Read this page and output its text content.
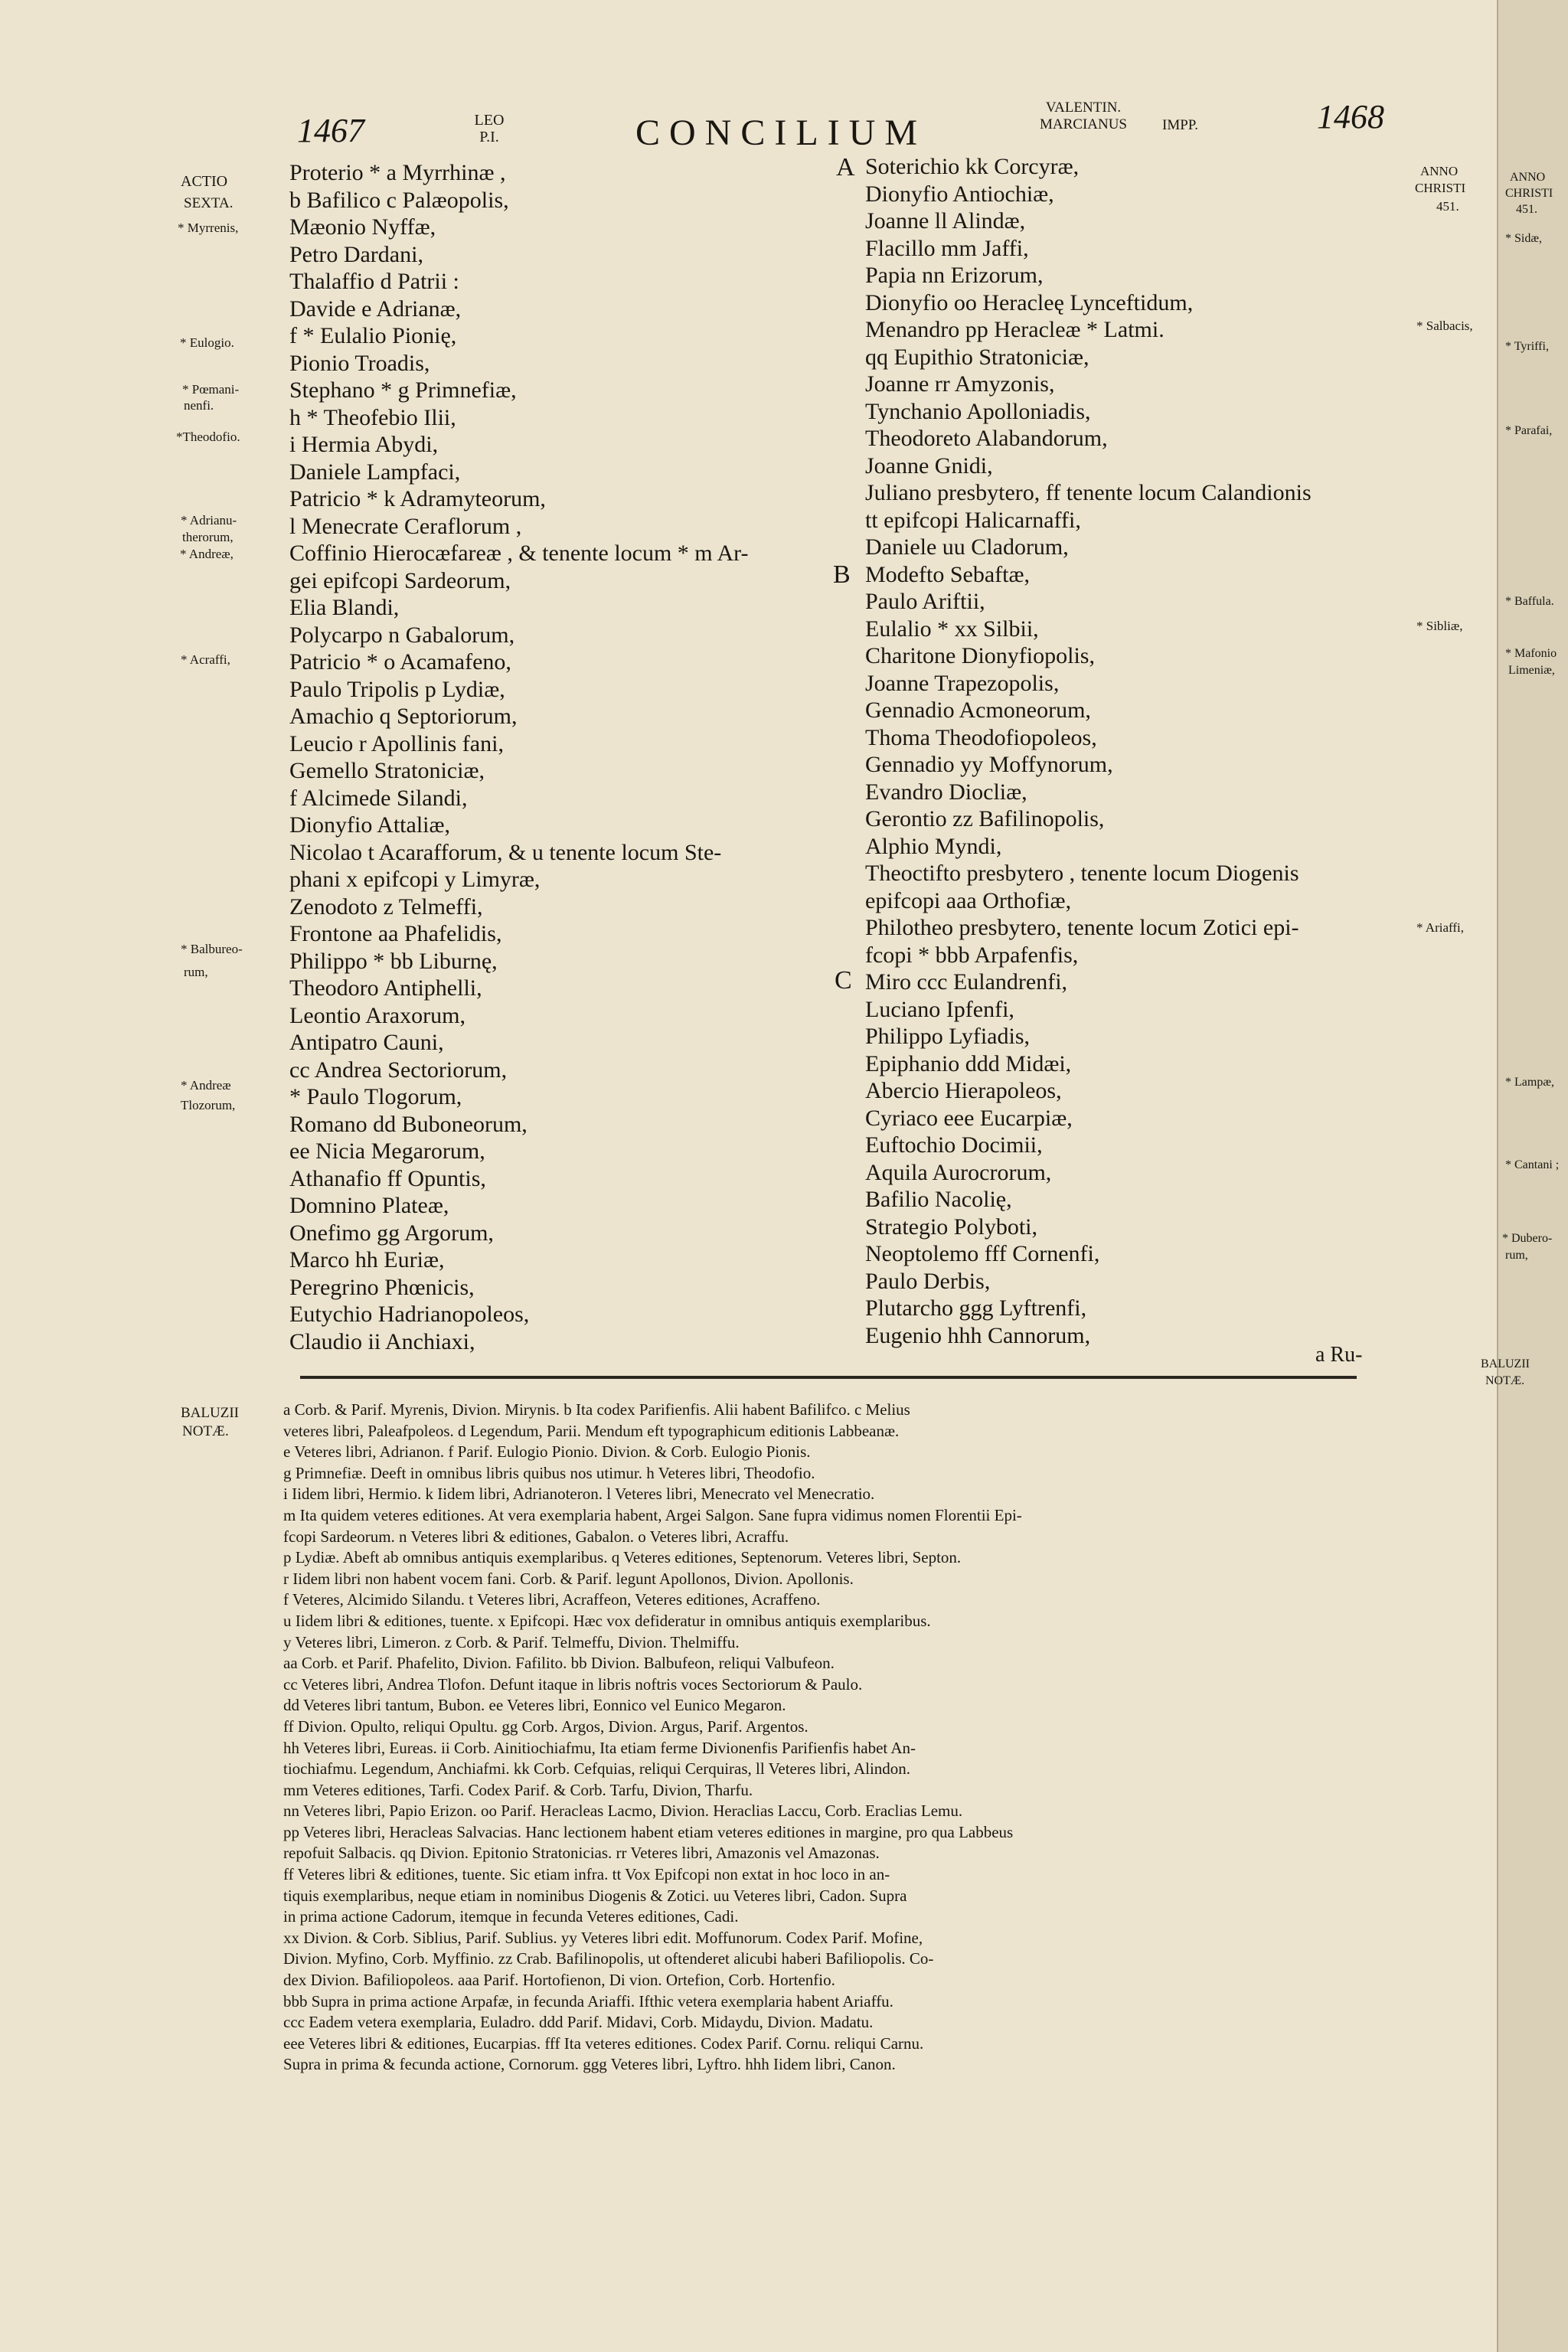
1467	LEO
P.I.	CONCILIUM
VALENTIN.
MARCIANUS	IMPP.	1468
ACTIO
SEXTA.
* Myrrenis,
* Eulogio.
* Pœmani-
nenfi.
*Theodofio.
* Adrianu-
therorum,
* Andreæ,
* Acraffi,
* Balbureo-
rum,
* Andreæ
Tlozorum,
ANNO
CHRISTI
451.
* Salbacis,
* Sibliæ,
* Ariaffi,
ANNO
CHRISTI
451.
* Sidæ,
* Tyriffi,
* Parafai,
* Baffula.
* Mafonio
Limeniæ,
* Lampæ,
* Cantani ;
* Dubero-
rum,
BALUZII
NOTÆ.
A
B
C
Proterio * a Myrrhinæ ,
b Bafilico c Palæopolis,
Mæonio Nyffæ,
Petro Dardani,
Thalaffio d Patrii :
Davide e Adrianæ,
f * Eulalio Pionię,
Pionio Troadis,
Stephano * g Primnefiæ,
h * Theofebio Ilii,
i Hermia Abydi,
Daniele Lampfaci,
Patricio * k Adramyteorum,
l Menecrate Ceraflorum ,
Coffinio Hierocæfareæ , & tenente locum * m Ar-
gei epifcopi Sardeorum,
Elia Blandi,
Polycarpo n Gabalorum,
Patricio * o Acamafeno,
Paulo Tripolis p Lydiæ,
Amachio q Septoriorum,
Leucio r Apollinis fani,
Gemello Stratoniciæ,
f Alcimede Silandi,
Dionyfio Attaliæ,
Nicolao t Acarafforum, & u tenente locum Ste-
phani x epifcopi y Limyræ,
Zenodoto z Telmeffi,
Frontone aa Phafelidis,
Philippo * bb Liburnę,
Theodoro Antiphelli,
Leontio Araxorum,
Antipatro Cauni,
cc Andrea Sectoriorum,
* Paulo Tlogorum,
Romano dd Buboneorum,
ee Nicia Megarorum,
Athanafio ff Opuntis,
Domnino Plateæ,
Onefimo gg Argorum,
Marco hh Euriæ,
Peregrino Phœnicis,
Eutychio Hadrianopoleos,
Claudio ii Anchiaxi,
Soterichio kk Corcyræ,
Dionyfio Antiochiæ,
Joanne ll Alindæ,
Flacillo mm Jaffi,
Papia nn Erizorum,
Dionyfio oo Heracleę Lynceftidum,
Menandro pp Heracleæ * Latmi.
qq Eupithio Stratoniciæ,
Joanne rr Amyzonis,
Tynchanio Apolloniadis,
Theodoreto Alabandorum,
Joanne Gnidi,
Juliano presbytero, ff tenente locum Calandionis
tt epifcopi Halicarnaffi,
Daniele uu Cladorum,
Modefto Sebaftæ,
Paulo Ariftii,
Eulalio * xx Silbii,
Charitone Dionyfiopolis,
Joanne Trapezopolis,
Gennadio Acmoneorum,
Thoma Theodofiopoleos,
Gennadio yy Moffynorum,
Evandro Diocliæ,
Gerontio zz Bafilinopolis,
Alphio Myndi,
Theoctifto presbytero , tenente locum Diogenis
epifcopi aaa Orthofiæ,
Philotheo presbytero, tenente locum Zotici epi-
fcopi * bbb Arpafenfis,
Miro ccc Eulandrenfi,
Luciano Ipfenfi,
Philippo Lyfiadis,
Epiphanio ddd Midæi,
Abercio Hierapoleos,
Cyriaco eee Eucarpiæ,
Euftochio Docimii,
Aquila Aurocrorum,
Bafilio Nacolię,
Strategio Polyboti,
Neoptolemo fff Cornenfi,
Paulo Derbis,
Plutarcho ggg Lyftrenfi,
Eugenio hhh Cannorum,
a Ru-
BALUZII
NOTÆ.
a Corb. & Parif. Myrenis, Divion. Mirynis. b Ita codex Parifienfis. Alii habent Bafilifco. c Melius
veteres libri, Paleafpoleos. d Legendum, Parii. Mendum eft typographicum editionis Labbeanæ.
e Veteres libri, Adrianon. f Parif. Eulogio Pionio. Divion. & Corb. Eulogio Pionis.
g Primnefiæ. Deeft in omnibus libris quibus nos utimur. h Veteres libri, Theodofio.
i Iidem libri, Hermio. k Iidem libri, Adrianoteron. l Veteres libri, Menecrato vel Menecratio.
m Ita quidem veteres editiones. At vera exemplaria habent, Argei Salgon. Sane fupra vidimus nomen Florentii Epi-
fcopi Sardeorum. n Veteres libri & editiones, Gabalon. o Veteres libri, Acraffu.
p Lydiæ. Abeft ab omnibus antiquis exemplaribus. q Veteres editiones, Septenorum. Veteres libri, Septon.
r Iidem libri non habent vocem fani. Corb. & Parif. legunt Apollonos, Divion. Apollonis.
f Veteres, Alcimido Silandu. t Veteres libri, Acraffeon, Veteres editiones, Acraffeno.
u Iidem libri & editiones, tuente. x Epifcopi. Hæc vox defideratur in omnibus antiquis exemplaribus.
y Veteres libri, Limeron. z Corb. & Parif. Telmeffu, Divion. Thelmiffu.
aa Corb. et Parif. Phafelito, Divion. Fafilito. bb Divion. Balbufeon, reliqui Valbufeon.
cc Veteres libri, Andrea Tlofon. Defunt itaque in libris noftris voces Sectoriorum & Paulo.
dd Veteres libri tantum, Bubon. ee Veteres libri, Eonnico vel Eunico Megaron.
ff Divion. Opulto, reliqui Opultu. gg Corb. Argos, Divion. Argus, Parif. Argentos.
hh Veteres libri, Eureas. ii Corb. Ainitiochiafmu, Ita etiam ferme Divionenfis Parifienfis habet An-
tiochiafmu. Legendum, Anchiafmi. kk Corb. Cefquias, reliqui Cerquiras, ll Veteres libri, Alindon.
mm Veteres editiones, Tarfi. Codex Parif. & Corb. Tarfu, Divion, Tharfu.
nn Veteres libri, Papio Erizon. oo Parif. Heracleas Lacmo, Divion. Heraclias Laccu, Corb. Eraclias Lemu.
pp Veteres libri, Heracleas Salvacias. Hanc lectionem habent etiam veteres editiones in margine, pro qua Labbeus
repofuit Salbacis. qq Divion. Epitonio Stratonicias. rr Veteres libri, Amazonis vel Amazonas.
ff Veteres libri & editiones, tuente. Sic etiam infra. tt Vox Epifcopi non extat in hoc loco in an-
tiquis exemplaribus, neque etiam in nominibus Diogenis & Zotici. uu Veteres libri, Cadon. Supra
in prima actione Cadorum, itemque in fecunda Veteres editiones, Cadi.
xx Divion. & Corb. Siblius, Parif. Sublius. yy Veteres libri edit. Moffunorum. Codex Parif. Mofine,
Divion. Myfino, Corb. Myffinio. zz Crab. Bafilinopolis, ut oftenderet alicubi haberi Bafiliopolis. Co-
dex Divion. Bafiliopoleos. aaa Parif. Hortofienon, Di vion. Ortefion, Corb. Hortenfio.
bbb Supra in prima actione Arpafæ, in fecunda Ariaffi. Ifthic vetera exemplaria habent Ariaffu.
ccc Eadem vetera exemplaria, Euladro. ddd Parif. Midavi, Corb. Midaydu, Divion. Madatu.
eee Veteres libri & editiones, Eucarpias. fff Ita veteres editiones. Codex Parif. Cornu. reliqui Carnu.
Supra in prima & fecunda actione, Cornorum. ggg Veteres libri, Lyftro. hhh Iidem libri, Canon.
